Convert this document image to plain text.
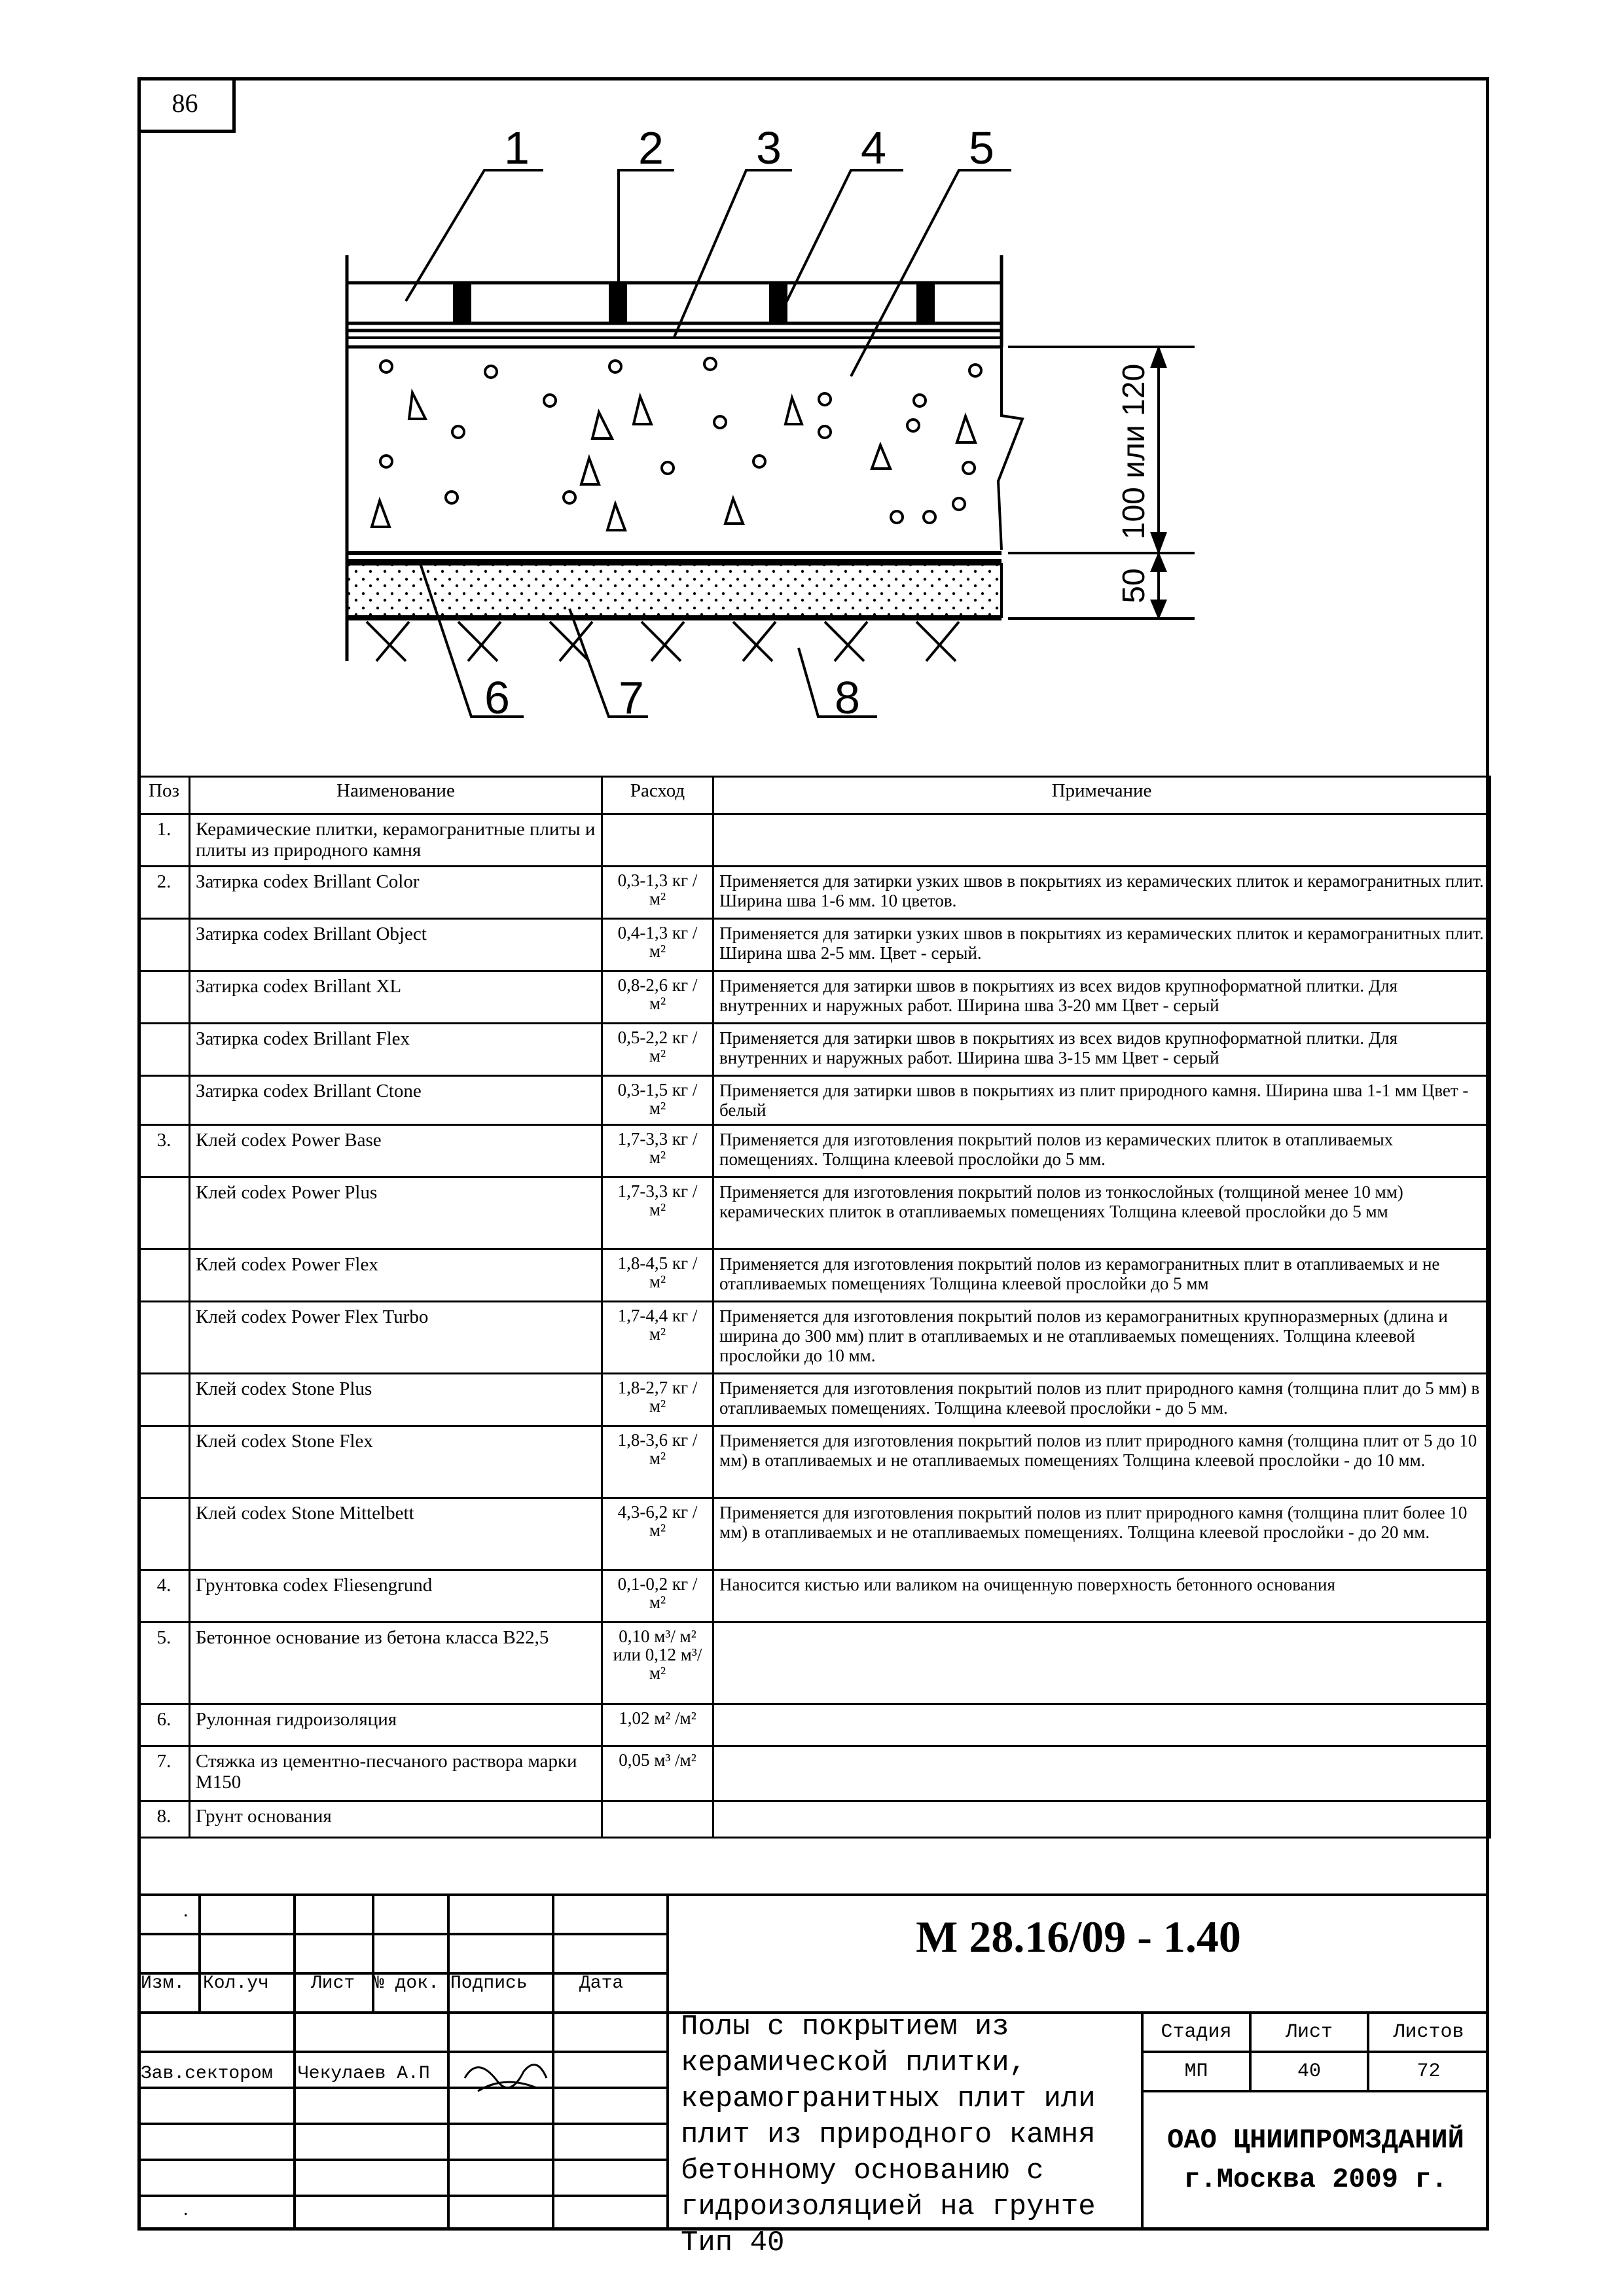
86
1 2 3 4 5
6 7	8
100 или 120
50
Поз	Наименование	Расход	Примечание
1.	Керамические плитки, керамогранитные плиты и плиты из природного камня		
2.	Затирка codex Brillant Color	0,3-1,3 кг / м²	Применяется для затирки узких швов в покрытиях из керамических плиток и керамогранитных плит. Ширина шва 1-6 мм. 10 цветов.
	Затирка codex Brillant Object	0,4-1,3 кг / м²	Применяется для затирки узких швов в покрытиях из керамических плиток и керамогранитных плит. Ширина шва 2-5 мм. Цвет - серый.
	Затирка codex Brillant XL	0,8-2,6 кг / м²	Применяется для затирки швов в покрытиях из всех видов крупноформатной плитки. Для внутренних и наружных работ. Ширина шва 3-20 мм Цвет - серый
	Затирка codex Brillant Flex	0,5-2,2 кг / м²	Применяется для затирки швов в покрытиях из всех видов крупноформатной плитки. Для внутренних и наружных работ. Ширина шва 3-15 мм Цвет - серый
	Затирка codex Brillant Ctone	0,3-1,5 кг / м²	Применяется для затирки швов в покрытиях из плит природного камня. Ширина шва 1-1 мм Цвет - белый
3.	Клей codex Power Base	1,7-3,3 кг / м²	Применяется для изготовления покрытий полов из керамических плиток в отапливаемых помещениях. Толщина клеевой прослойки до 5 мм.
	Клей codex Power Plus	1,7-3,3 кг / м²	Применяется для изготовления покрытий полов из тонкослойных (толщиной менее 10 мм) керамических плиток в отапливаемых помещениях Толщина клеевой прослойки до 5 мм
	Клей codex Power Flex	1,8-4,5 кг / м²	Применяется для изготовления покрытий полов из керамогранитных плит в отапливаемых и не отапливаемых помещениях Толщина клеевой прослойки до 5 мм
	Клей codex Power Flex Turbo	1,7-4,4 кг / м²	Применяется для изготовления покрытий полов из керамогранитных крупноразмерных (длина и ширина до 300 мм) плит в отапливаемых и не отапливаемых помещениях. Толщина клеевой прослойки до 10 мм.
	Клей codex Stone Plus	1,8-2,7 кг / м²	Применяется для изготовления покрытий полов из плит природного камня (толщина плит до 5 мм) в отапливаемых помещениях. Толщина клеевой прослойки - до 5 мм.
	Клей codex Stone Flex	1,8-3,6 кг / м²	Применяется для изготовления покрытий полов из плит природного камня (толщина плит от 5 до 10 мм) в отапливаемых и не отапливаемых помещениях Толщина клеевой прослойки - до 10 мм.
	Клей codex Stone Mittelbett	4,3-6,2 кг / м²	Применяется для изготовления покрытий полов из плит природного камня (толщина плит более 10 мм) в отапливаемых и не отапливаемых помещениях. Толщина клеевой прослойки - до 20 мм.
4.	Грунтовка codex Fliesengrund	0,1-0,2 кг / м²	Наносится кистью или валиком на очищенную поверхность бетонного основания
5.	Бетонное основание из бетона класса В22,5	0,10 м³/ м² или 0,12 м³/ м²	
6.	Рулонная гидроизоляция	1,02 м² /м²	
7.	Стяжка из цементно-песчаного раствора марки М150	0,05 м³ /м²	
8.	Грунт основания		
.
.
Изм. Кол.уч	Лист № док. Подпись	Дата
Зав.сектором	Чекулаев А.П
М 28.16/09 - 1.40
Полы с покрытием из керамической плитки, керамогранитных плит или плит из природного камня бетонному основанию с гидроизоляцией на грунте Тип 40
Стадия	Лист	Листов
МП	40	72
ОАО ЦНИИПРОМЗДАНИЙ
г.Москва 2009 г.
